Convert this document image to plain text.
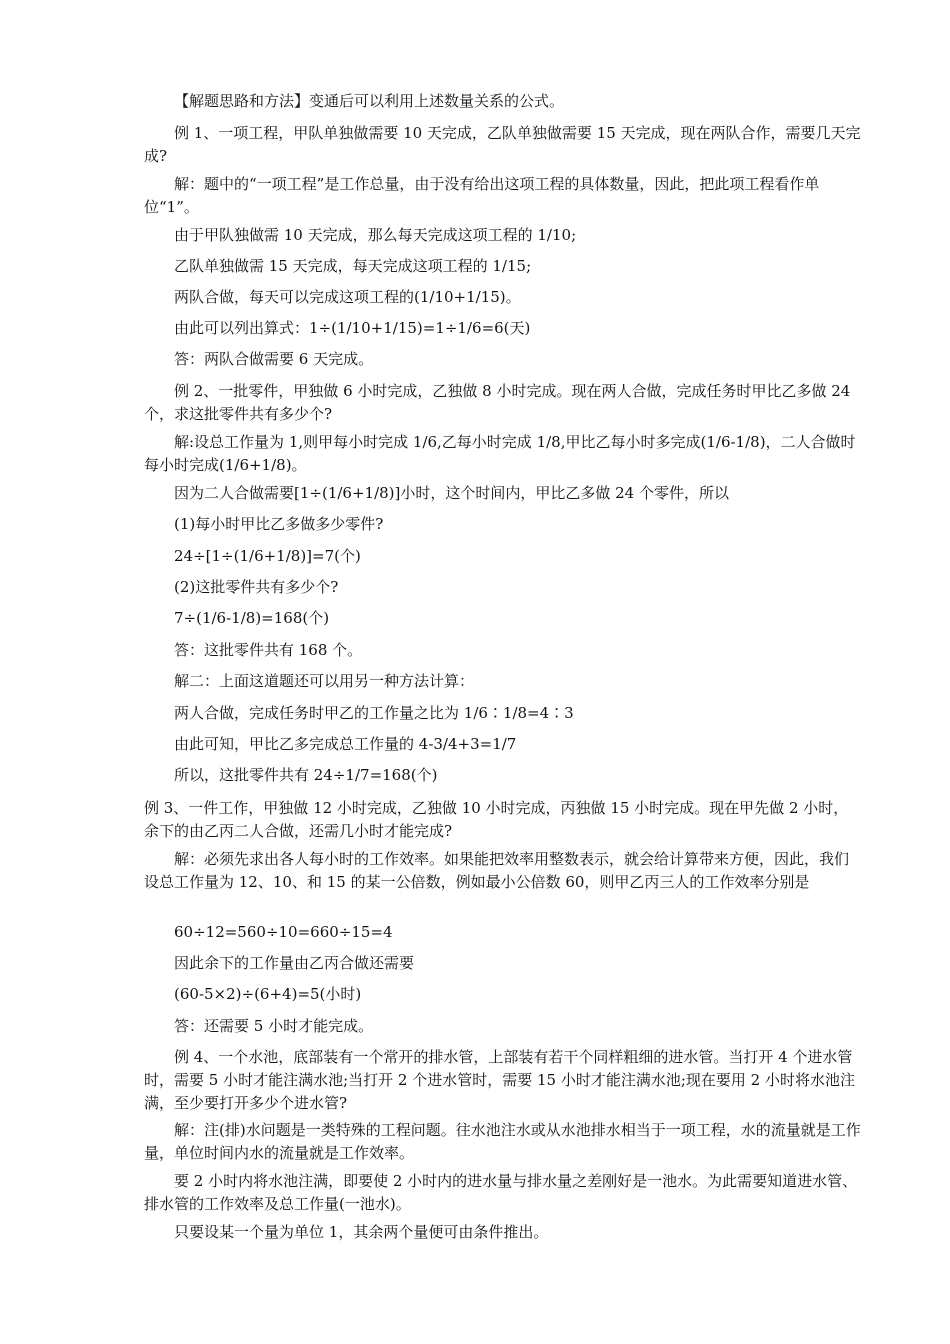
【解题思路和方法】变通后可以利用上述数量关系的公式。

例 1、一项工程，甲队单独做需要 10 天完成，乙队单独做需要 15 天完成，现在两队合作，需要几天完成?

解：题中的“一项工程”是工作总量，由于没有给出这项工程的具体数量，因此，把此项工程看作单位“1”。

由于甲队独做需 10 天完成，那么每天完成这项工程的 1/10;

乙队单独做需 15 天完成，每天完成这项工程的 1/15;

两队合做，每天可以完成这项工程的(1/10+1/15)。

由此可以列出算式：1÷(1/10+1/15)=1÷1/6=6(天)

答：两队合做需要 6 天完成。

例 2、一批零件，甲独做 6 小时完成，乙独做 8 小时完成。现在两人合做，完成任务时甲比乙多做 24 个，求这批零件共有多少个?

解:设总工作量为 1,则甲每小时完成 1/6,乙每小时完成 1/8,甲比乙每小时多完成(1/6-1/8)，二人合做时每小时完成(1/6+1/8)。

因为二人合做需要[1÷(1/6+1/8)]小时，这个时间内，甲比乙多做 24 个零件，所以

(1)每小时甲比乙多做多少零件?

24÷[1÷(1/6+1/8)]=7(个)

(2)这批零件共有多少个?

7÷(1/6-1/8)=168(个)

答：这批零件共有 168 个。

解二：上面这道题还可以用另一种方法计算：

两人合做，完成任务时甲乙的工作量之比为 1/6∶1/8=4∶3

由此可知，甲比乙多完成总工作量的 4-3/4+3=1/7

所以，这批零件共有 24÷1/7=168(个)

例 3、一件工作，甲独做 12 小时完成，乙独做 10 小时完成，丙独做 15 小时完成。现在甲先做 2 小时，余下的由乙丙二人合做，还需几小时才能完成?

解：必须先求出各人每小时的工作效率。如果能把效率用整数表示，就会给计算带来方便，因此，我们设总工作量为 12、10、和 15 的某一公倍数，例如最小公倍数 60，则甲乙丙三人的工作效率分别是

60÷12=560÷10=660÷15=4

因此余下的工作量由乙丙合做还需要

(60-5×2)÷(6+4)=5(小时)

答：还需要 5 小时才能完成。

例 4、一个水池，底部装有一个常开的排水管，上部装有若干个同样粗细的进水管。当打开 4 个进水管时，需要 5 小时才能注满水池;当打开 2 个进水管时，需要 15 小时才能注满水池;现在要用 2 小时将水池注满，至少要打开多少个进水管?

解：注(排)水问题是一类特殊的工程问题。往水池注水或从水池排水相当于一项工程，水的流量就是工作量，单位时间内水的流量就是工作效率。

要 2 小时内将水池注满，即要使 2 小时内的进水量与排水量之差刚好是一池水。为此需要知道进水管、排水管的工作效率及总工作量(一池水)。

只要设某一个量为单位 1，其余两个量便可由条件推出。
